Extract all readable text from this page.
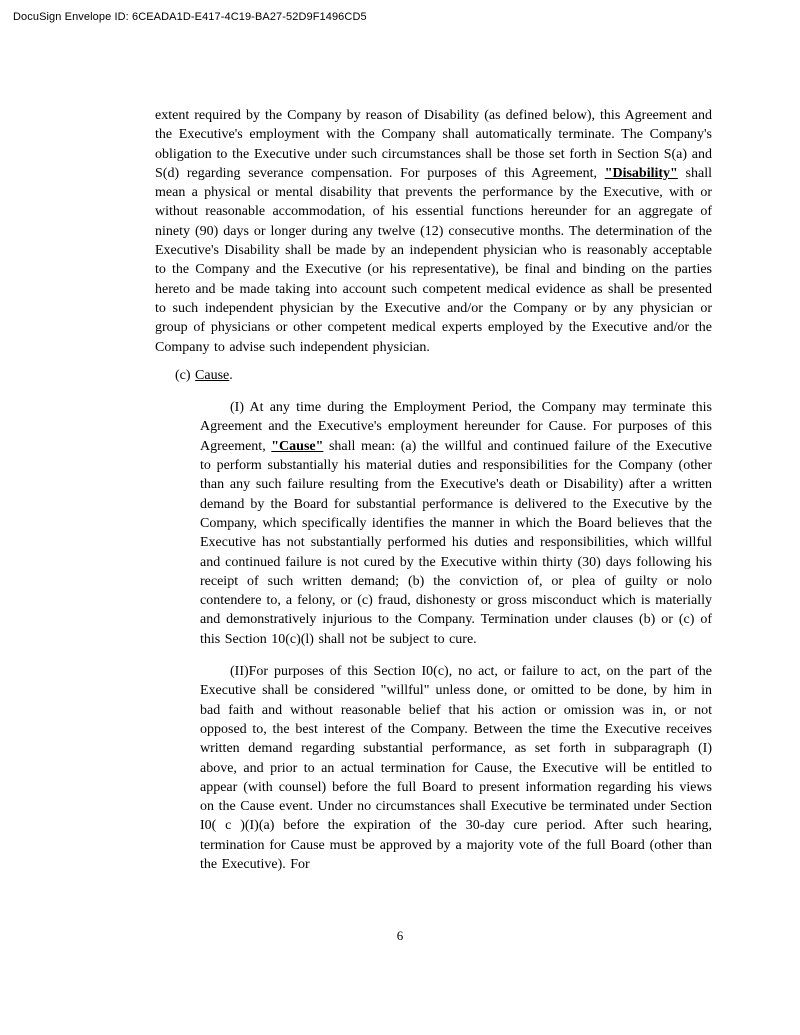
DocuSign Envelope ID: 6CEADA1D-E417-4C19-BA27-52D9F1496CD5

extent required by the Company by reason of Disability (as defined below), this Agreement and the Executive's employment with the Company shall automatically terminate. The Company's obligation to the Executive under such circumstances shall be those set forth in Section S(a) and S(d) regarding severance compensation. For purposes of this Agreement, "Disability" shall mean a physical or mental disability that prevents the performance by the Executive, with or without reasonable accommodation, of his essential functions hereunder for an aggregate of ninety (90) days or longer during any twelve (12) consecutive months. The determination of the Executive's Disability shall be made by an independent physician who is reasonably acceptable to the Company and the Executive (or his representative), be final and binding on the parties hereto and be made taking into account such competent medical evidence as shall be presented to such independent physician by the Executive and/or the Company or by any physician or group of physicians or other competent medical experts employed by the Executive and/or the Company to advise such independent physician.

(c) Cause.

(I) At any time during the Employment Period, the Company may terminate this Agreement and the Executive's employment hereunder for Cause. For purposes of this Agreement, "Cause" shall mean: (a) the willful and continued failure of the Executive to perform substantially his material duties and responsibilities for the Company (other than any such failure resulting from the Executive's death or Disability) after a written demand by the Board for substantial performance is delivered to the Executive by the Company, which specifically identifies the manner in which the Board believes that the Executive has not substantially performed his duties and responsibilities, which willful and continued failure is not cured by the Executive within thirty (30) days following his receipt of such written demand; (b) the conviction of, or plea of guilty or nolo contendere to, a felony, or (c) fraud, dishonesty or gross misconduct which is materially and demonstratively injurious to the Company. Termination under clauses (b) or (c) of this Section 10(c)(l) shall not be subject to cure.

(II)For purposes of this Section I0(c), no act, or failure to act, on the part of the Executive shall be considered "willful" unless done, or omitted to be done, by him in bad faith and without reasonable belief that his action or omission was in, or not opposed to, the best interest of the Company. Between the time the Executive receives written demand regarding substantial performance, as set forth in subparagraph (I) above, and prior to an actual termination for Cause, the Executive will be entitled to appear (with counsel) before the full Board to present information regarding his views on the Cause event. Under no circumstances shall Executive be terminated under Section I0( c )(I)(a) before the expiration of the 30-day cure period. After such hearing, termination for Cause must be approved by a majority vote of the full Board (other than the Executive). For

6
